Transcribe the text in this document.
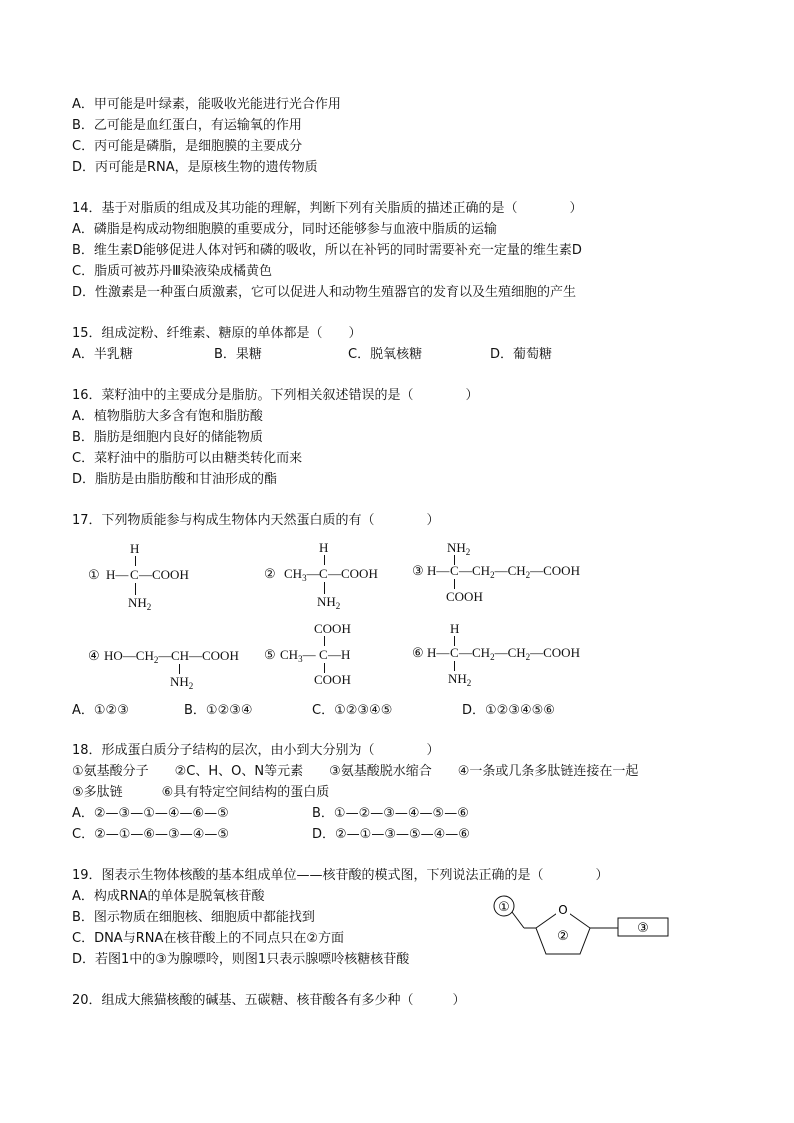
A．甲可能是叶绿素，能吸收光能进行光合作用
B．乙可能是血红蛋白，有运输氧的作用
C．丙可能是磷脂，是细胞膜的主要成分
D．丙可能是RNA，是原核生物的遗传物质
14．基于对脂质的组成及其功能的理解，判断下列有关脂质的描述正确的是（　　　　）
A．磷脂是构成动物细胞膜的重要成分，同时还能够参与血液中脂质的运输
B．维生素D能够促进人体对钙和磷的吸收，所以在补钙的同时需要补充一定量的维生素D
C．脂质可被苏丹Ⅲ染液染成橘黄色
D．性激素是一种蛋白质激素，它可以促进人和动物生殖器官的发育以及生殖细胞的产生
15．组成淀粉、纤维素、糖原的单体都是（　　）
A．半乳糖	B．果糖	C．脱氧核糖	D．葡萄糖
16．菜籽油中的主要成分是脂肪。下列相关叙述错误的是（　　　　）
A．植物脂肪大多含有饱和脂肪酸
B．脂肪是细胞内良好的储能物质
C．菜籽油中的脂肪可以由糖类转化而来
D．脂肪是由脂肪酸和甘油形成的酯
17．下列物质能参与构成生物体内天然蛋白质的有（　　　　）
H
① H— C —COOH
$NH_2$
H
② $CH_3—$ C —COOH
$NH_2$
$NH_2$
③ H— C $—CH_2—CH_2—COOH$
COOH
④ $HO—CH_2—$ CH —COOH
$NH_2$
COOH
⑤ $CH_3—$ C —H
COOH
H
⑥ H— C $—CH_2—CH_2—COOH$
$NH_2$
A．①②③	B．①②③④	C．①②③④⑤	D．①②③④⑤⑥
18．形成蛋白质分子结构的层次，由小到大分别为（　　　　）
①氨基酸分子　　②C、H、O、N等元素　　③氨基酸脱水缩合　　④一条或几条多肽链连接在一起
⑤多肽链　　　⑥具有特定空间结构的蛋白质
A．②—③—①—④—⑥—⑤	B．①—②—③—④—⑤—⑥
C．②—①—⑥—③—④—⑤	D．②—①—③—⑤—④—⑥
19．图表示生物体核酸的基本组成单位——核苷酸的模式图，下列说法正确的是（　　　　）
A．构成RNA的单体是脱氧核苷酸
B．图示物质在细胞核、细胞质中都能找到
C．DNA与RNA在核苷酸上的不同点只在②方面
D．若图1中的③为腺嘌呤，则图1只表示腺嘌呤核糖核苷酸
①	O
②
③
20．组成大熊猫核酸的碱基、五碳糖、核苷酸各有多少种（　　　）
